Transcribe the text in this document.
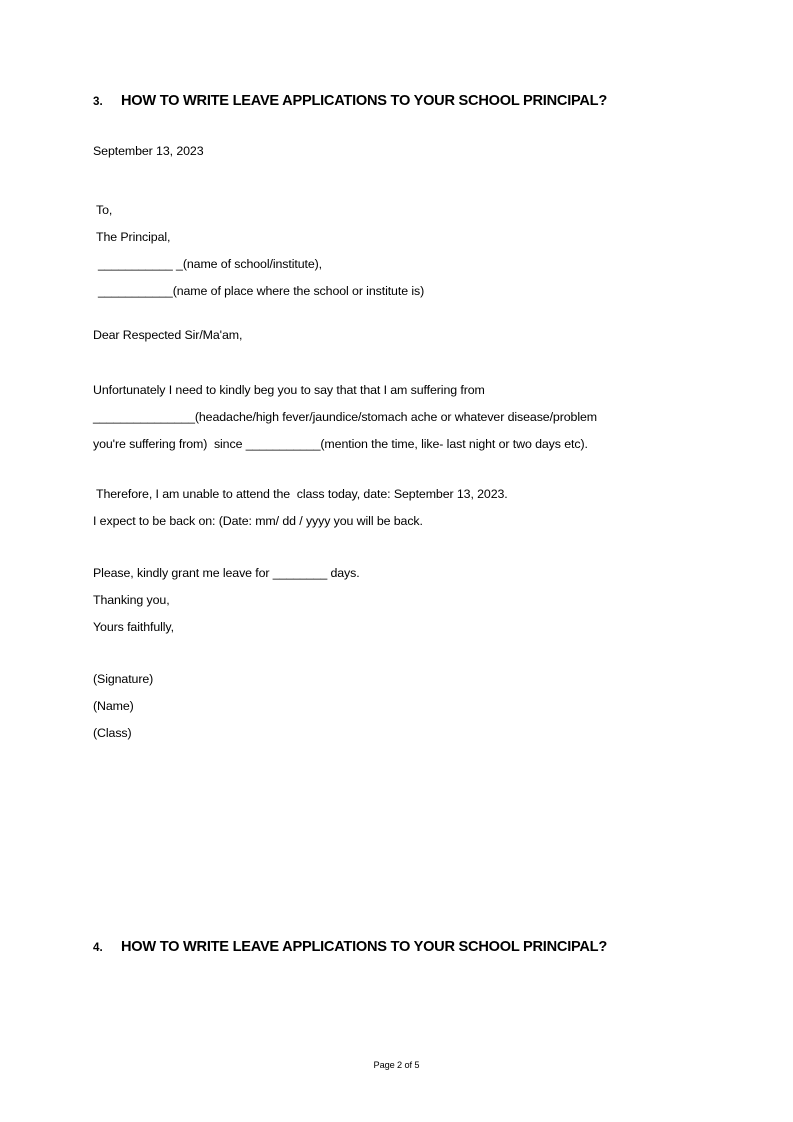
3.	HOW TO WRITE LEAVE APPLICATIONS TO YOUR SCHOOL PRINCIPAL?
September 13, 2023
To,
The Principal,
___________ _(name of school/institute),
___________(name of place where the school or institute is)
Dear Respected Sir/Ma'am,
Unfortunately I need to kindly beg you to say that that I am suffering from
_______________(headache/high fever/jaundice/stomach ache or whatever disease/problem
you're suffering from)  since ___________(mention the time, like- last night or two days etc).
Therefore, I am unable to attend the  class today, date: September 13, 2023.
I expect to be back on: (Date: mm/ dd / yyyy you will be back.
Please, kindly grant me leave for ________ days.
Thanking you,
Yours faithfully,
(Signature)
(Name)
(Class)
4.	HOW TO WRITE LEAVE APPLICATIONS TO YOUR SCHOOL PRINCIPAL?
Page 2 of 5
